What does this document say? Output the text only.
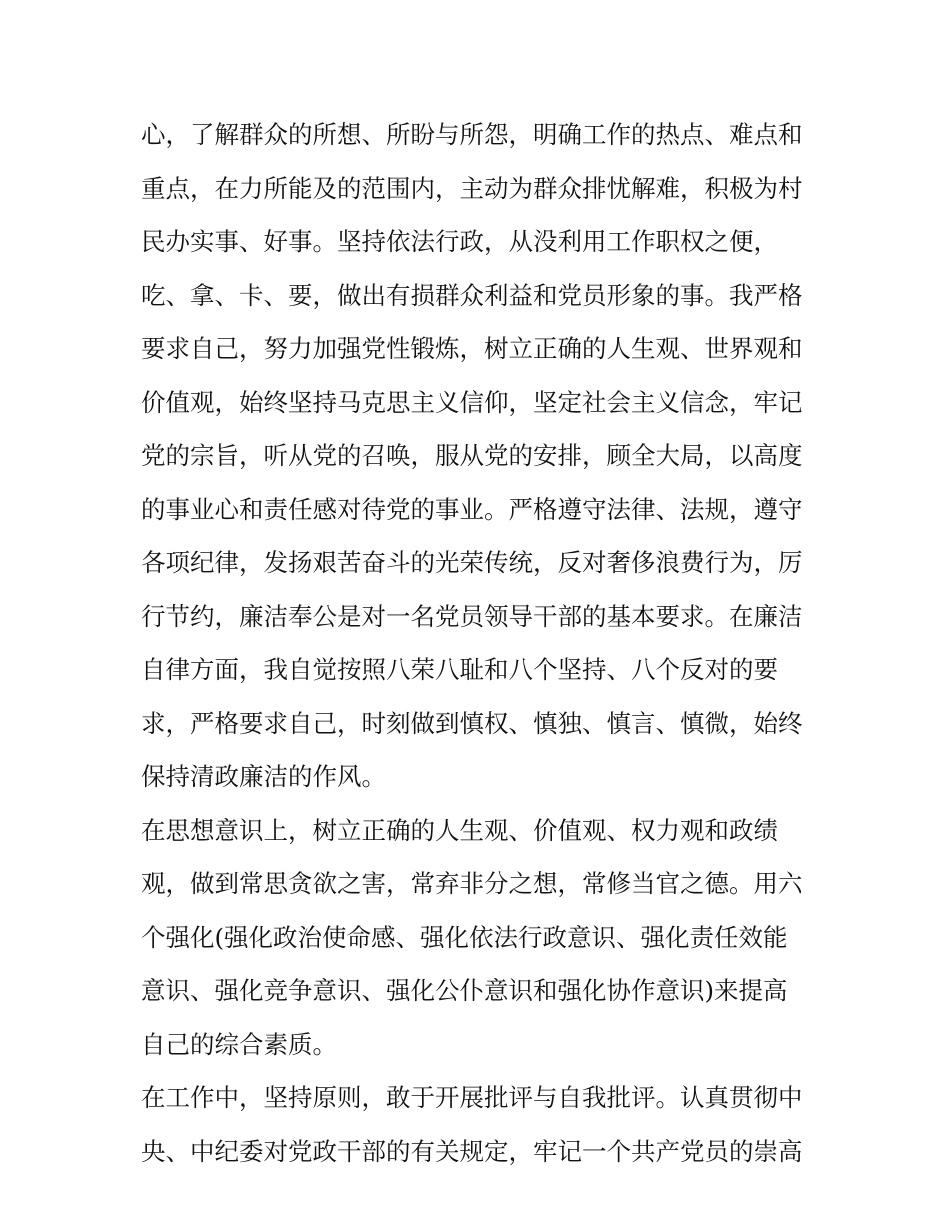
心，了解群众的所想、所盼与所怨，明确工作的热点、难点和
重点，在力所能及的范围内，主动为群众排忧解难，积极为村
民办实事、好事。坚持依法行政，从没利用工作职权之便，
吃、拿、卡、要，做出有损群众利益和党员形象的事。我严格
要求自己，努力加强党性锻炼，树立正确的人生观、世界观和
价值观，始终坚持马克思主义信仰，坚定社会主义信念，牢记
党的宗旨，听从党的召唤，服从党的安排，顾全大局，以高度
的事业心和责任感对待党的事业。严格遵守法律、法规，遵守
各项纪律，发扬艰苦奋斗的光荣传统，反对奢侈浪费行为，厉
行节约，廉洁奉公是对一名党员领导干部的基本要求。在廉洁
自律方面，我自觉按照八荣八耻和八个坚持、八个反对的要
求，严格要求自己，时刻做到慎权、慎独、慎言、慎微，始终
保持清政廉洁的作风。
在思想意识上，树立正确的人生观、价值观、权力观和政绩
观，做到常思贪欲之害，常弃非分之想，常修当官之德。用六
个强化(强化政治使命感、强化依法行政意识、强化责任效能
意识、强化竞争意识、强化公仆意识和强化协作意识)来提高
自己的综合素质。
在工作中，坚持原则，敢于开展批评与自我批评。认真贯彻中
央、中纪委对党政干部的有关规定，牢记一个共产党员的崇高
